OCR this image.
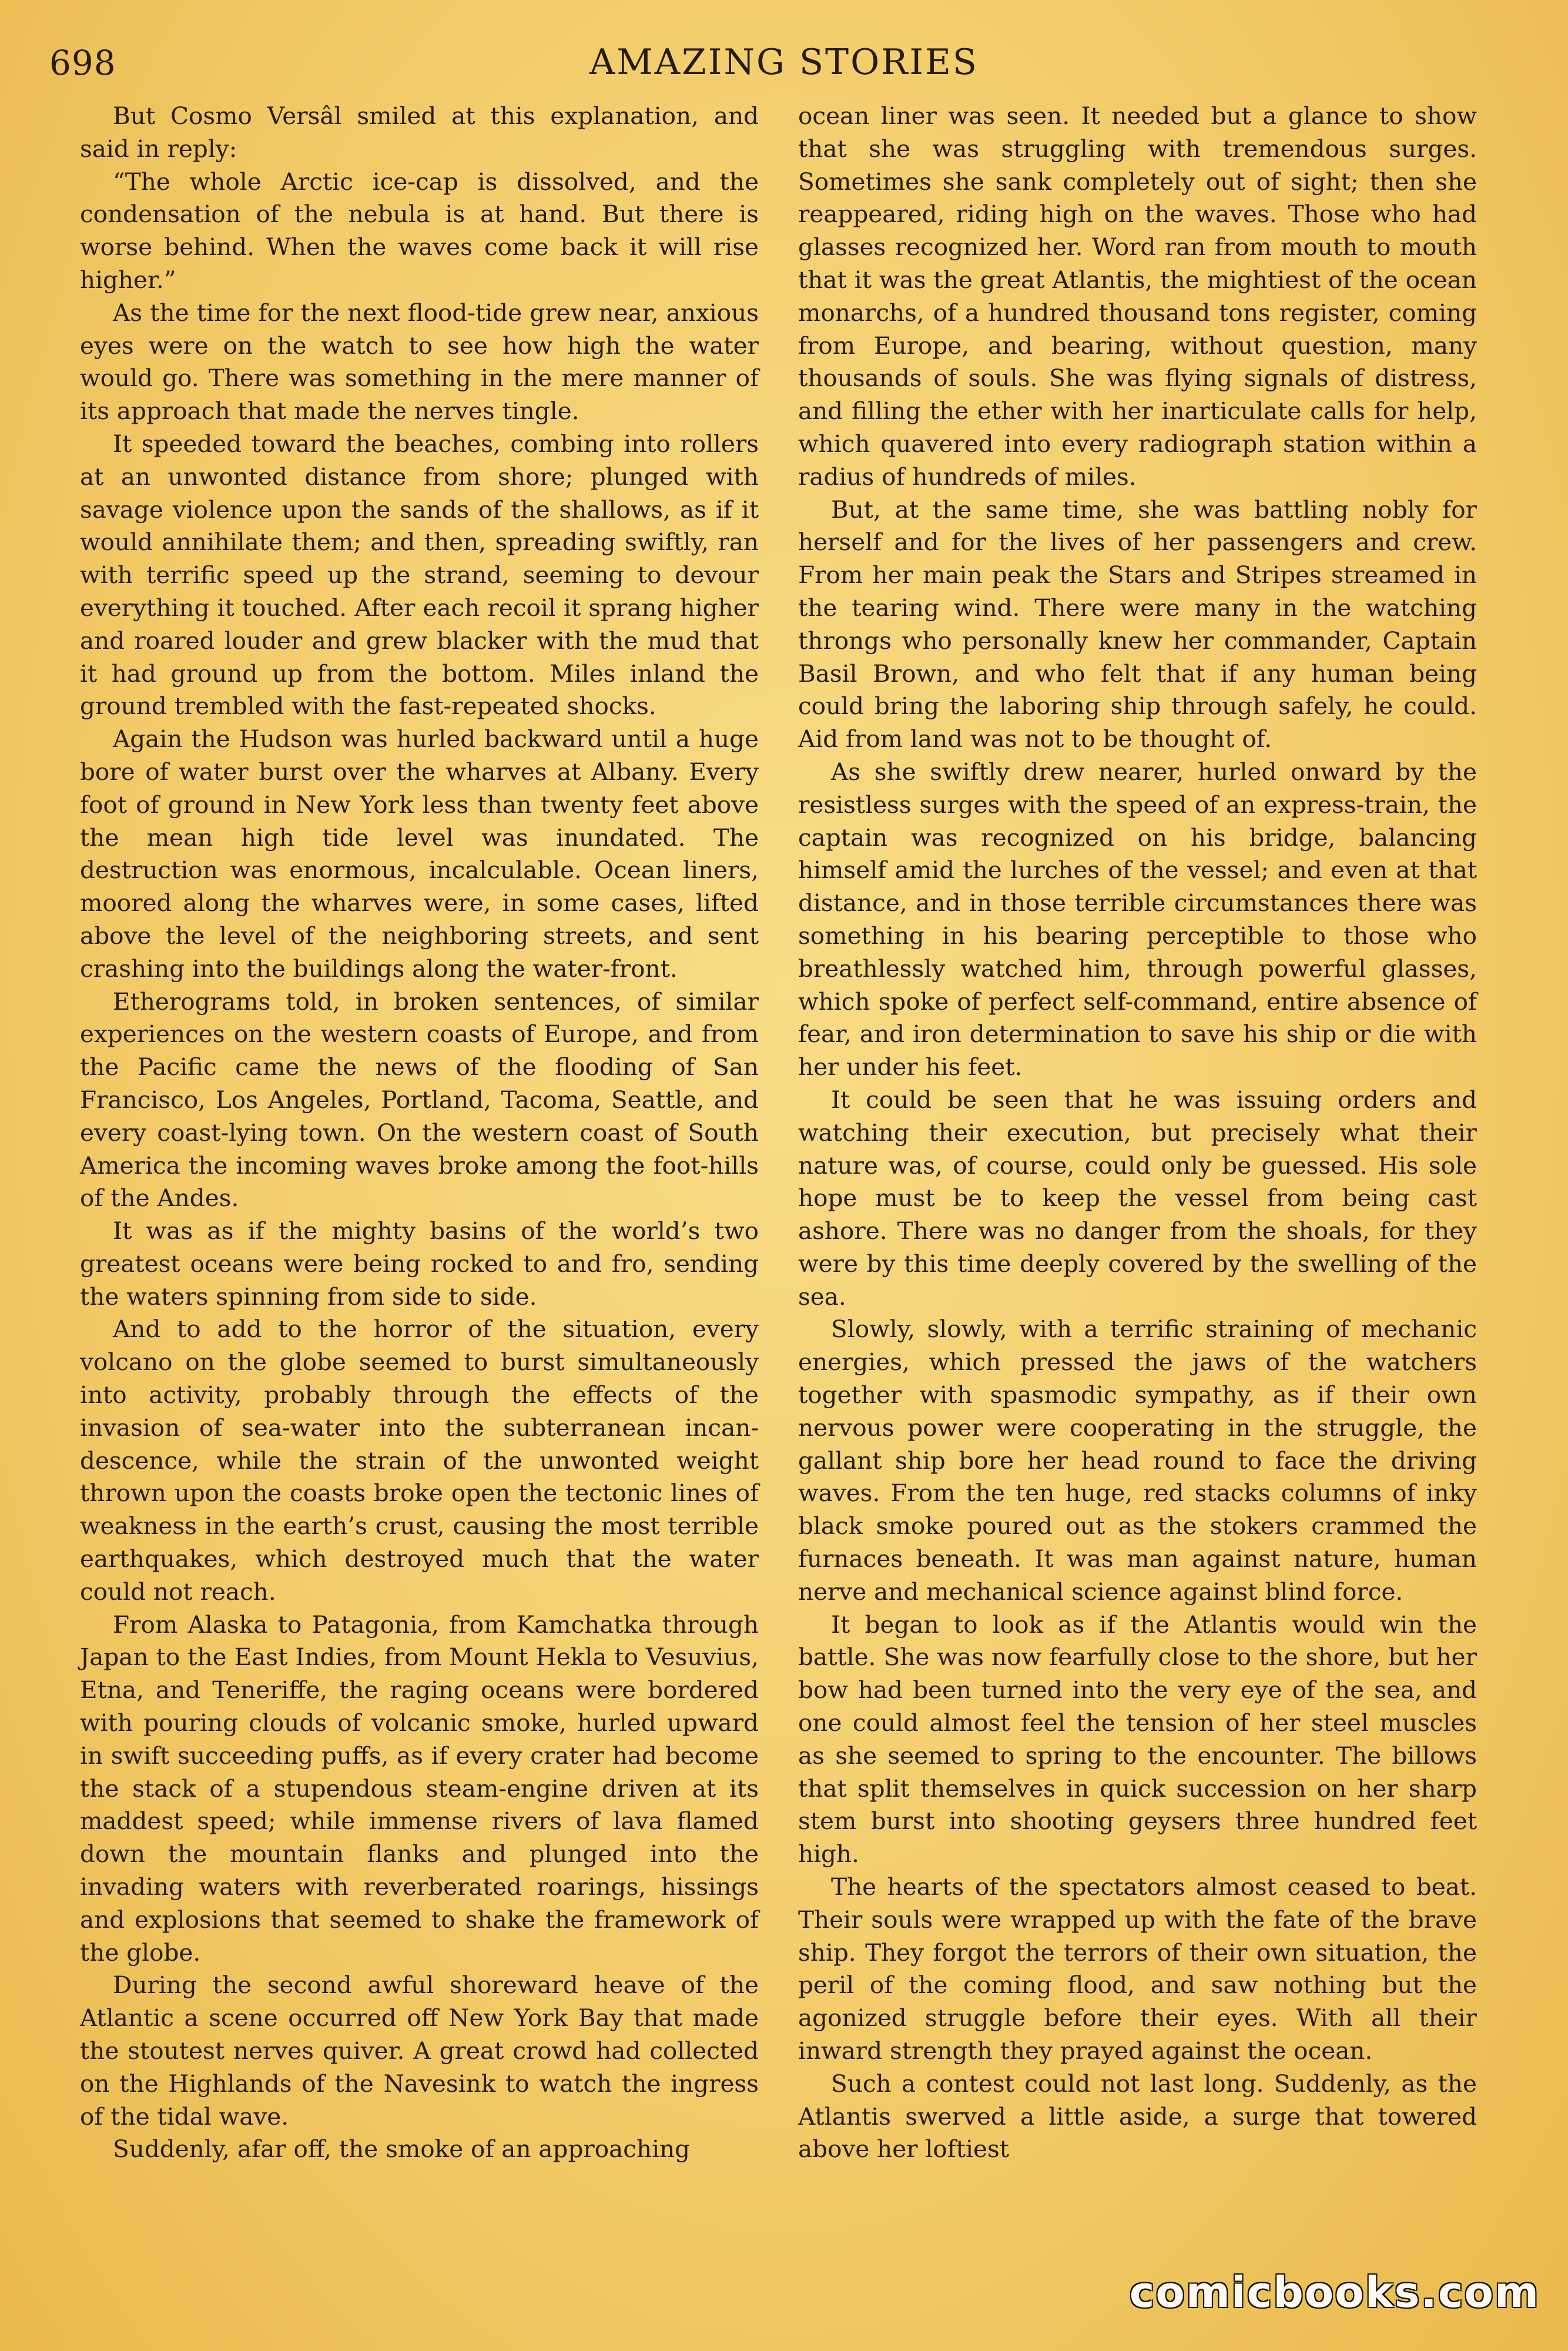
698	AMAZING STORIES

But Cosmo Versâl smiled at this explanation, and said in reply:

“The whole Arctic ice-cap is dissolved, and the condensation of the nebula is at hand. But there is worse behind. When the waves come back it will rise higher.”

As the time for the next flood-tide grew near, anxious eyes were on the watch to see how high the water would go. There was something in the mere manner of its approach that made the nerves tingle.

It speeded toward the beaches, combing into rollers at an unwonted distance from shore; plunged with savage violence upon the sands of the shallows, as if it would annihilate them; and then, spreading swiftly, ran with terrific speed up the strand, seeming to devour everything it touched. After each recoil it sprang higher and roared louder and grew blacker with the mud that it had ground up from the bottom. Miles inland the ground trembled with the fast-repeated shocks.

Again the Hudson was hurled backward until a huge bore of water burst over the wharves at Albany. Every foot of ground in New York less than twenty feet above the mean high tide level was inundated. The destruction was enormous, incalculable. Ocean liners, moored along the wharves were, in some cases, lifted above the level of the neighboring streets, and sent crashing into the buildings along the water-front.

Etherograms told, in broken sentences, of similar experiences on the western coasts of Europe, and from the Pacific came the news of the flooding of San Francisco, Los Angeles, Portland, Tacoma, Seattle, and every coast-lying town. On the western coast of South America the incoming waves broke among the foot-hills of the Andes.

It was as if the mighty basins of the world’s two greatest oceans were being rocked to and fro, sending the waters spinning from side to side.

And to add to the horror of the situation, every volcano on the globe seemed to burst simultaneously into activity, probably through the effects of the invasion of sea-water into the subterranean incandescence, while the strain of the unwonted weight thrown upon the coasts broke open the tectonic lines of weakness in the earth’s crust, causing the most terrible earthquakes, which destroyed much that the water could not reach.

From Alaska to Patagonia, from Kamchatka through Japan to the East Indies, from Mount Hekla to Vesuvius, Etna, and Teneriffe, the raging oceans were bordered with pouring clouds of volcanic smoke, hurled upward in swift succeeding puffs, as if every crater had become the stack of a stupendous steam-engine driven at its maddest speed; while immense rivers of lava flamed down the mountain flanks and plunged into the invading waters with reverberated roarings, hissings and explosions that seemed to shake the framework of the globe.

During the second awful shoreward heave of the Atlantic a scene occurred off New York Bay that made the stoutest nerves quiver. A great crowd had collected on the Highlands of the Navesink to watch the ingress of the tidal wave.

Suddenly, afar off, the smoke of an approaching

ocean liner was seen. It needed but a glance to show that she was struggling with tremendous surges. Sometimes she sank completely out of sight; then she reappeared, riding high on the waves. Those who had glasses recognized her. Word ran from mouth to mouth that it was the great Atlantis, the mightiest of the ocean monarchs, of a hundred thousand tons register, coming from Europe, and bearing, without question, many thousands of souls. She was flying signals of distress, and filling the ether with her inarticulate calls for help, which quavered into every radiograph station within a radius of hundreds of miles.

But, at the same time, she was battling nobly for herself and for the lives of her passengers and crew. From her main peak the Stars and Stripes streamed in the tearing wind. There were many in the watching throngs who personally knew her commander, Captain Basil Brown, and who felt that if any human being could bring the laboring ship through safely, he could. Aid from land was not to be thought of.

As she swiftly drew nearer, hurled onward by the resistless surges with the speed of an express-train, the captain was recognized on his bridge, balancing himself amid the lurches of the vessel; and even at that distance, and in those terrible circumstances there was something in his bearing perceptible to those who breathlessly watched him, through powerful glasses, which spoke of perfect self-command, entire absence of fear, and iron determination to save his ship or die with her under his feet.

It could be seen that he was issuing orders and watching their execution, but precisely what their nature was, of course, could only be guessed. His sole hope must be to keep the vessel from being cast ashore. There was no danger from the shoals, for they were by this time deeply covered by the swelling of the sea.

Slowly, slowly, with a terrific straining of mechanic energies, which pressed the jaws of the watchers together with spasmodic sympathy, as if their own nervous power were cooperating in the struggle, the gallant ship bore her head round to face the driving waves. From the ten huge, red stacks columns of inky black smoke poured out as the stokers crammed the furnaces beneath. It was man against nature, human nerve and mechanical science against blind force.

It began to look as if the Atlantis would win the battle. She was now fearfully close to the shore, but her bow had been turned into the very eye of the sea, and one could almost feel the tension of her steel muscles as she seemed to spring to the encounter. The billows that split themselves in quick succession on her sharp stem burst into shooting geysers three hundred feet high.

The hearts of the spectators almost ceased to beat. Their souls were wrapped up with the fate of the brave ship. They forgot the terrors of their own situation, the peril of the coming flood, and saw nothing but the agonized struggle before their eyes. With all their inward strength they prayed against the ocean.

Such a contest could not last long. Suddenly, as the Atlantis swerved a little aside, a surge that towered above her loftiest

comicbooks.com
